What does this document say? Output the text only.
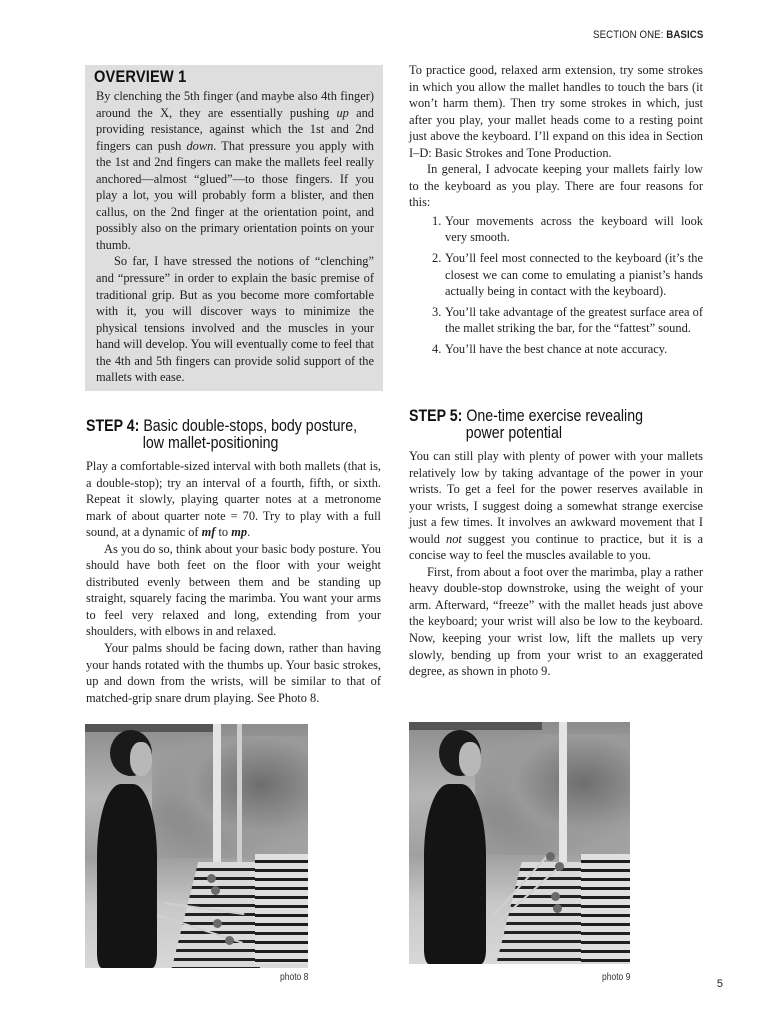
SECTION ONE: BASICS
OVERVIEW 1

By clenching the 5th finger (and maybe also 4th finger) around the X, they are essentially pushing up and providing resistance, against which the 1st and 2nd fingers can push down. That pressure you apply with the 1st and 2nd fingers can make the mallets feel really anchored—almost “glued”—to those fingers. If you play a lot, you will probably form a blister, and then callus, on the 2nd finger at the orientation point, and possibly also on the primary orientation points on your thumb.

So far, I have stressed the notions of “clenching” and “pressure” in order to explain the basic premise of traditional grip. But as you become more comfortable with it, you will discover ways to minimize the physical tensions involved and the muscles in your hand will develop. You will eventually come to feel that the 4th and 5th fingers can provide solid support of the mallets with ease.

To practice good, relaxed arm extension, try some strokes in which you allow the mallet handles to touch the bars (it won’t harm them). Then try some strokes in which, just after you play, your mallet heads come to a resting point just above the keyboard. I’ll expand on this idea in Section I–D: Basic Strokes and Tone Production.

In general, I advocate keeping your mallets fairly low to the keyboard as you play. There are four reasons for this:

1. Your movements across the keyboard will look very smooth.
2. You’ll feel most connected to the keyboard (it’s the closest we can come to emulating a pianist’s hands actually being in contact with the keyboard).
3. You’ll take advantage of the greatest surface area of the mallet striking the bar, for the “fattest” sound.
4. You’ll have the best chance at note accuracy.
STEP 4: Basic double-stops, body posture,
low mallet-positioning

Play a comfortable-sized interval with both mallets (that is, a double-stop); try an interval of a fourth, fifth, or sixth. Repeat it slowly, playing quarter notes at a metronome mark of about quarter note = 70. Try to play with a full sound, at a dynamic of mf to mp.

As you do so, think about your basic body posture. You should have both feet on the floor with your weight distributed evenly between them and be standing up straight, squarely facing the marimba. You want your arms to feel very relaxed and long, extending from your shoulders, with elbows in and relaxed.

Your palms should be facing down, rather than having your hands rotated with the thumbs up. Your basic strokes, up and down from the wrists, will be similar to that of matched-grip snare drum playing. See Photo 8.

STEP 5: One-time exercise revealing
power potential

You can still play with plenty of power with your mallets relatively low by taking advantage of the power in your wrists. To get a feel for the power reserves available in your wrists, I suggest doing a somewhat strange exercise just a few times. It involves an awkward movement that I would not suggest you continue to practice, but it is a concise way to feel the muscles available to you.

First, from about a foot over the marimba, play a rather heavy double-stop downstroke, using the weight of your arm. Afterward, “freeze” with the mallet heads just above the keyboard; your wrist will also be low to the keyboard. Now, keeping your wrist low, lift the mallets up very slowly, bending up from your wrist to an exaggerated degree, as shown in photo 9.

photo 8	photo 9
5
